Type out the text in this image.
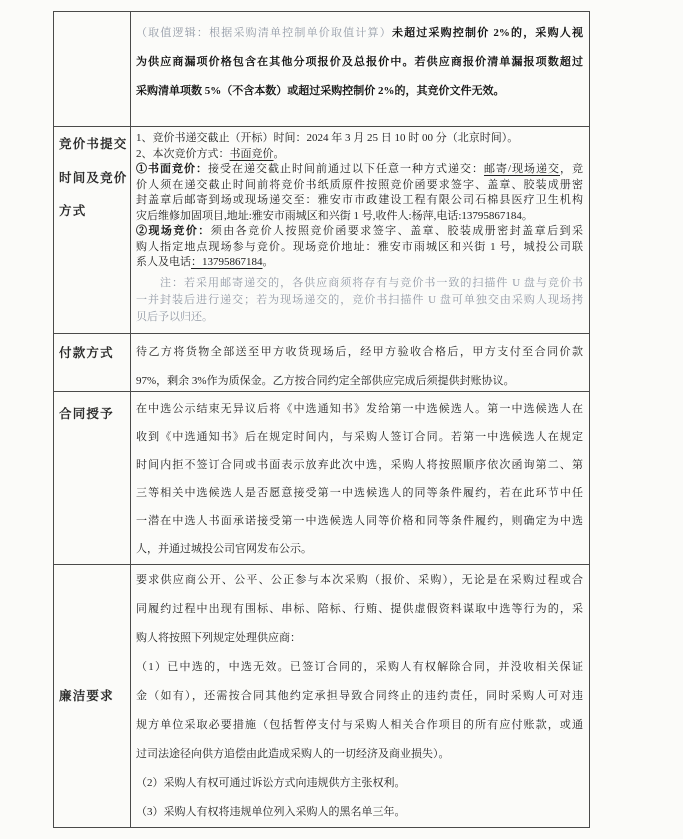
（取值逻辑：根据采购清单控制单价取值计算）未超过采购控制价 2%的，采购人视
为供应商漏项价格包含在其他分项报价及总报价中。若供应商报价清单漏报项数超过
采购清单项数 5%（不含本数）或超过采购控制价 2%的，其竞价文件无效。
竞价书提交
时间及竞价
方式
1、竞价书递交截止（开标）时间：2024 年 3 月 25 日 10 时 00 分（北京时间）。
2、本次竞价方式：书面竞价。
①书面竞价：接受在递交截止时间前通过以下任意一种方式递交：邮寄/现场递交，竞
价人须在递交截止时间前将竞价书纸质原件按照竞价函要求签字、盖章、胶装成册密
封盖章后邮寄到场或现场递交至：雅安市市政建设工程有限公司石棉县医疗卫生机构
灾后维修加固项目,地址:雅安市雨城区和兴街 1 号,收件人:杨萍,电话:13795867184。
②现场竞价：须由各竞价人按照竞价函要求签字、盖章、胶装成册密封盖章后到采
购人指定地点现场参与竞价。现场竞价地址：雅安市雨城区和兴街 1 号，城投公司联
系人及电话：13795867184。
注：若采用邮寄递交的，各供应商须将存有与竞价书一致的扫描件 U 盘与竞价书
一并封装后进行递交；若为现场递交的，竞价书扫描件 U 盘可单独交由采购人现场拷
贝后予以归还。
付款方式	待乙方将货物全部送至甲方收货现场后，经甲方验收合格后，甲方支付至合同价款
97%，剩余 3%作为质保金。乙方按合同约定全部供应完成后须提供封账协议。
合同授予	在中选公示结束无异议后将《中选通知书》发给第一中选候选人。第一中选候选人在
收到《中选通知书》后在规定时间内，与采购人签订合同。若第一中选候选人在规定
时间内拒不签订合同或书面表示放弃此次中选，采购人将按照顺序依次函询第二、第
三等相关中选候选人是否愿意接受第一中选候选人的同等条件履约，若在此环节中任
一潜在中选人书面承诺接受第一中选候选人同等价格和同等条件履约，则确定为中选
人，并通过城投公司官网发布公示。
廉洁要求
要求供应商公开、公平、公正参与本次采购（报价、采购），无论是在采购过程或合
同履约过程中出现有围标、串标、陪标、行贿、提供虚假资料谋取中选等行为的，采
购人将按照下列规定处理供应商：
（1）已中选的，中选无效。已签订合同的，采购人有权解除合同，并没收相关保证
金（如有），还需按合同其他约定承担导致合同终止的违约责任，同时采购人可对违
规方单位采取必要措施（包括暂停支付与采购人相关合作项目的所有应付账款，或通
过司法途径向供方追偿由此造成采购人的一切经济及商业损失）。
（2）采购人有权可通过诉讼方式向违规供方主张权利。
（3）采购人有权将违规单位列入采购人的黑名单三年。
